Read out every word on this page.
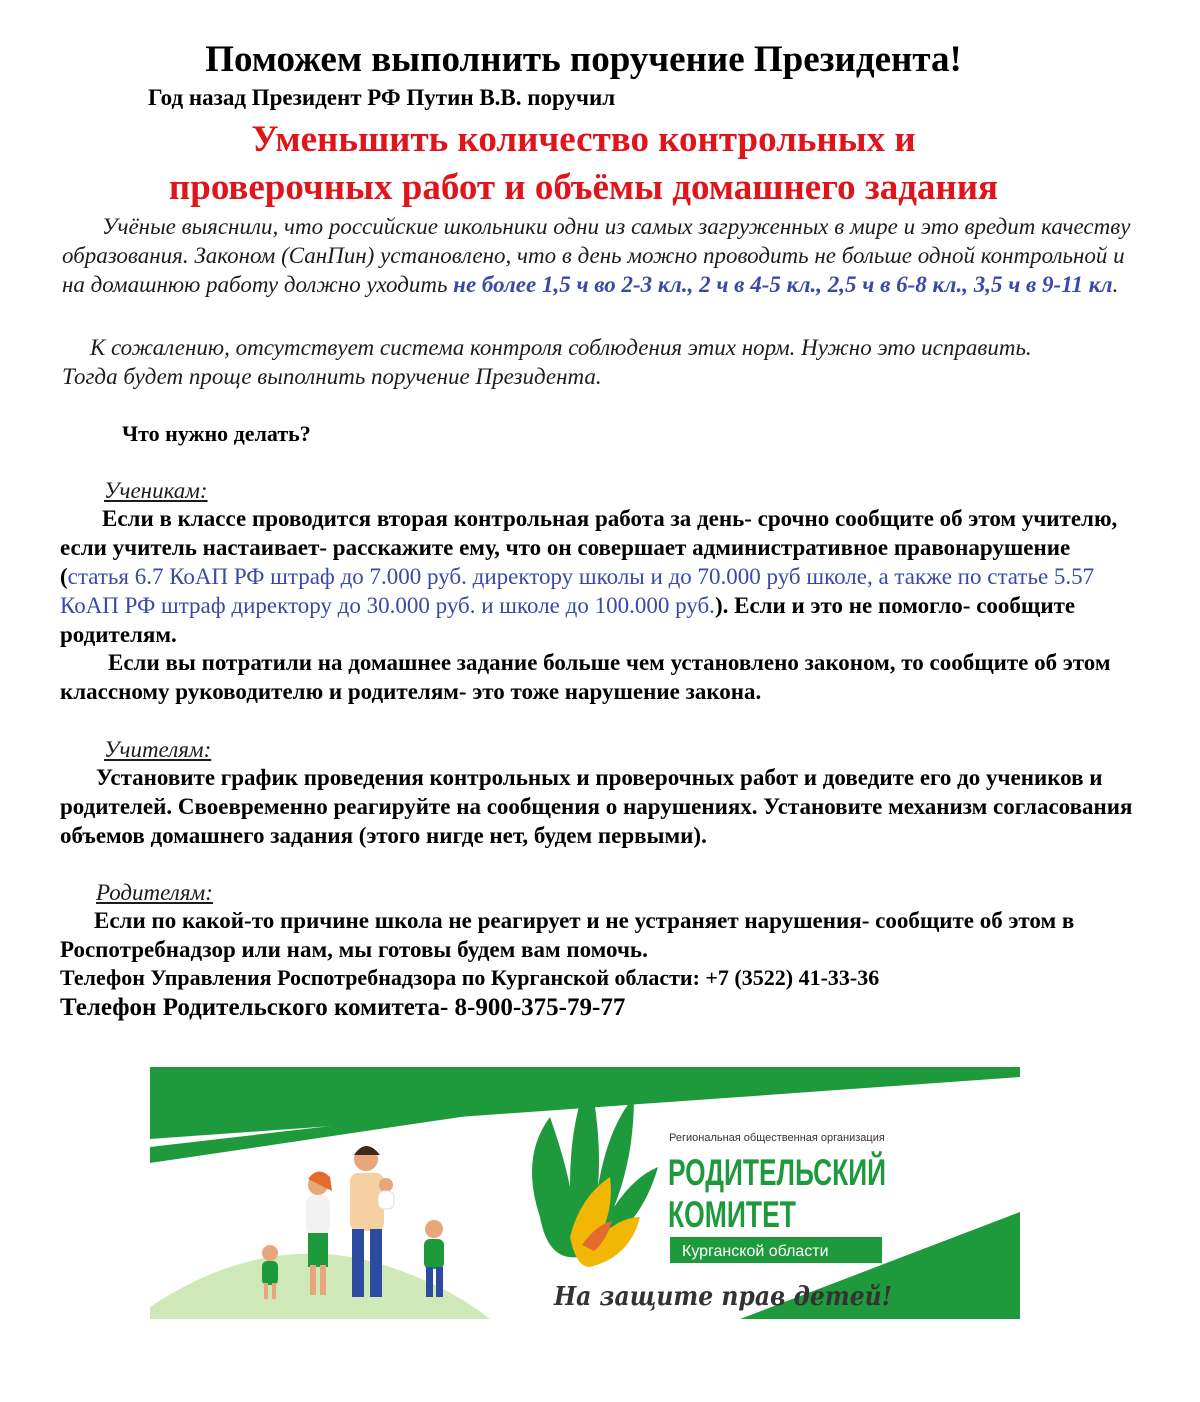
Поможем выполнить поручение Президента!
Год назад Президент РФ Путин В.В. поручил
Уменьшить количество контрольных и
проверочных работ и объёмы домашнего задания
Учёные выяснили, что российские школьники одни из самых загруженных в мире и это вредит качеству образования. Законом (СанПин) установлено, что в день можно проводить не больше одной контрольной и на домашнюю работу должно уходить не более 1,5 ч во 2-3 кл., 2 ч в 4-5 кл., 2,5 ч в 6-8 кл., 3,5 ч в 9-11 кл.
К сожалению, отсутствует система контроля соблюдения этих норм. Нужно это исправить. Тогда будет проще выполнить поручение Президента.
Что нужно делать?
Ученикам:
Если в классе проводится вторая контрольная работа за день- срочно сообщите об этом учителю, если учитель настаивает- расскажите ему, что он совершает административное правонарушение (статья 6.7 КоАП РФ штраф до 7.000 руб. директору школы и до 70.000 руб школе, а также по статье 5.57 КоАП РФ штраф директору до 30.000 руб. и школе до 100.000 руб.). Если и это не помогло- сообщите родителям.
Если вы потратили на домашнее задание больше чем установлено законом, то сообщите об этом классному руководителю и родителям- это тоже нарушение закона.
Учителям:
Установите график проведения контрольных и проверочных работ и доведите его до учеников и родителей. Своевременно реагируйте на сообщения о нарушениях. Установите механизм согласования объемов домашнего задания (этого нигде нет, будем первыми).
Родителям:
Если по какой-то причине школа не реагирует и не устраняет нарушения- сообщите об этом в Роспотребнадзор или нам, мы готовы будем вам помочь.
Телефон Управления Роспотребнадзора по Курганской области: +7 (3522) 41-33-36
Телефон Родительского комитета- 8-900-375-79-77
Региональная общественная организация
РОДИТЕЛЬСКИЙ
КОМИТЕТ
Курганской области
На защите прав детей!
